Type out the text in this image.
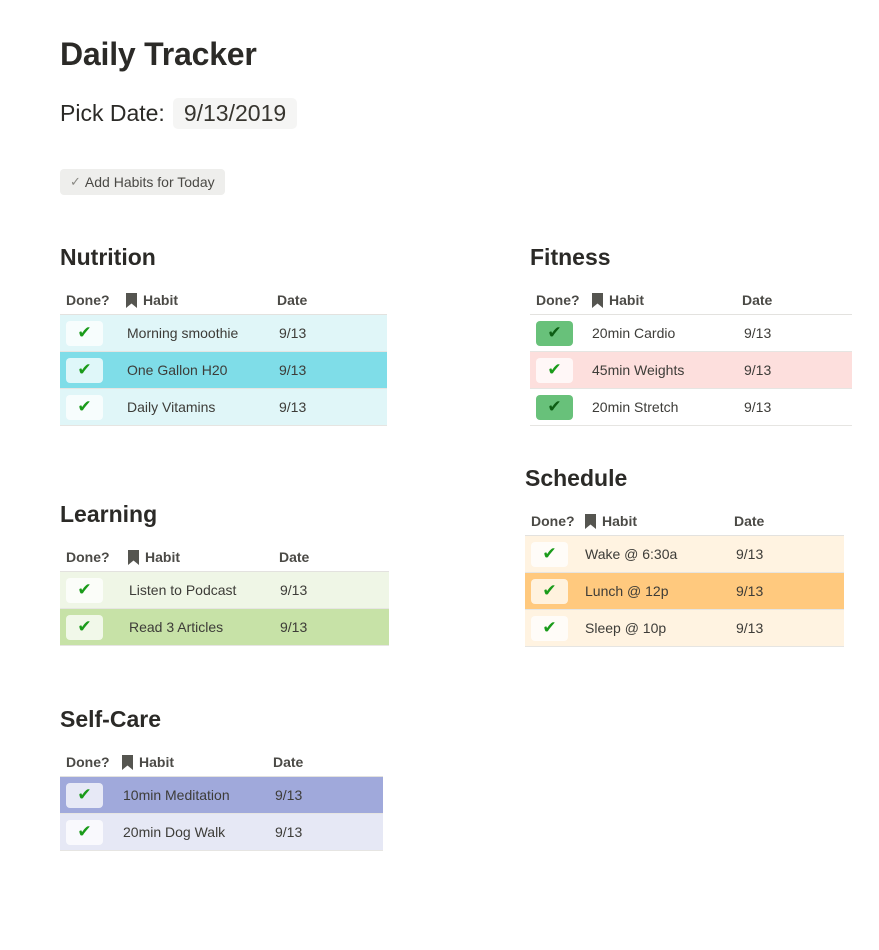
Daily Tracker
Pick Date: 9/13/2019
✓ Add Habits for Today
Nutrition
Done?	Habit	Date
✔	Morning smoothie	9/13
✔	One Gallon H20	9/13
✔	Daily Vitamins	9/13
Fitness
Done?	Habit	Date
✔	20min Cardio	9/13
✔	45min Weights	9/13
✔	20min Stretch	9/13
Schedule
Done?	Habit	Date
✔	Wake @ 6:30a	9/13
✔	Lunch @ 12p	9/13
✔	Sleep @ 10p	9/13
Learning
Done?	Habit	Date
✔	Listen to Podcast	9/13
✔	Read 3 Articles	9/13
Self-Care
Done?	Habit	Date
✔	10min Meditation	9/13
✔	20min Dog Walk	9/13
